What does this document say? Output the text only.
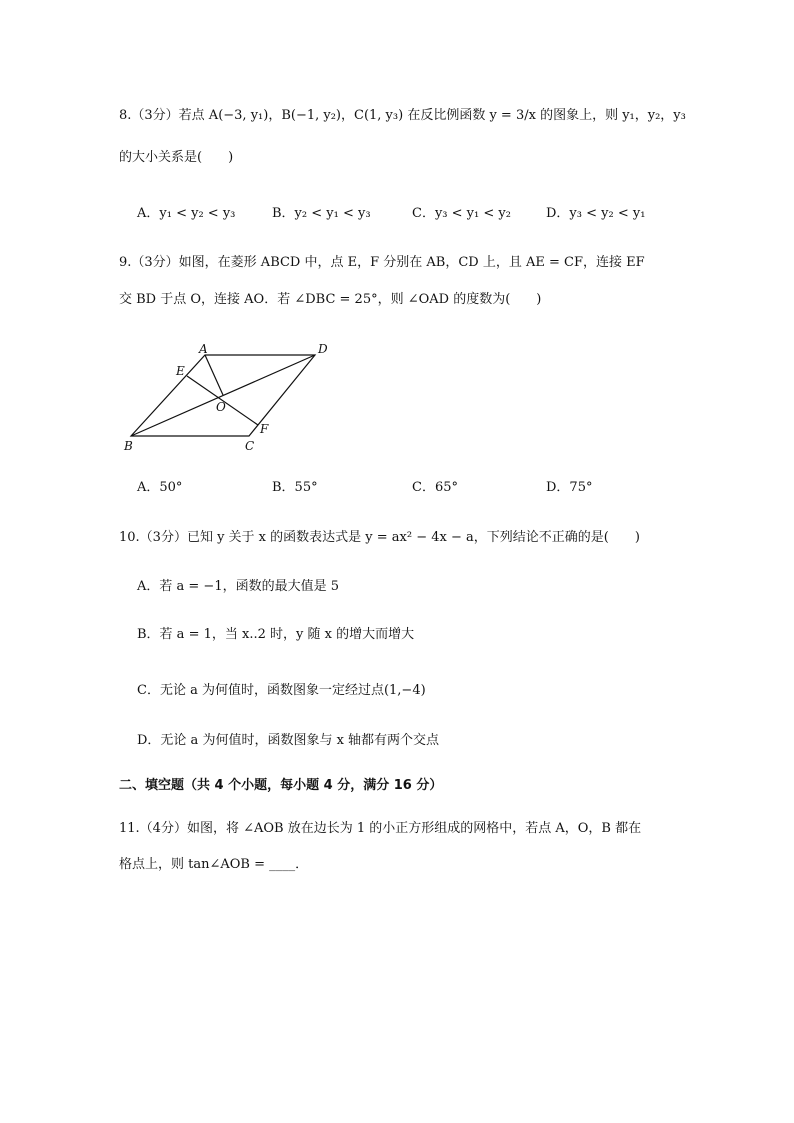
8.（3分）若点 A(−3, y₁)，B(−1, y₂)，C(1, y₃) 在反比例函数 y = 3/x 的图象上，则 y₁，y₂，y₃
的大小关系是(　　)
A．y₁ < y₂ < y₃	B．y₂ < y₁ < y₃	C．y₃ < y₁ < y₂	D．y₃ < y₂ < y₁
9.（3分）如图，在菱形 ABCD 中，点 E，F 分别在 AB，CD 上，且 AE = CF，连接 EF
交 BD 于点 O，连接 AO．若 ∠DBC = 25°，则 ∠OAD 的度数为(　　)
A	D
E
O
F
B	C
A．50°	B．55°	C．65°	D．75°
10.（3分）已知 y 关于 x 的函数表达式是 y = ax² − 4x − a，下列结论不正确的是(　　)
A．若 a = −1，函数的最大值是 5
B．若 a = 1，当 x..2 时，y 随 x 的增大而增大
C．无论 a 为何值时，函数图象一定经过点(1,−4)
D．无论 a 为何值时，函数图象与 x 轴都有两个交点
二、填空题（共 4 个小题，每小题 4 分，满分 16 分）
11.（4分）如图，将 ∠AOB 放在边长为 1 的小正方形组成的网格中，若点 A，O，B 都在
格点上，则 tan∠AOB = ____．
